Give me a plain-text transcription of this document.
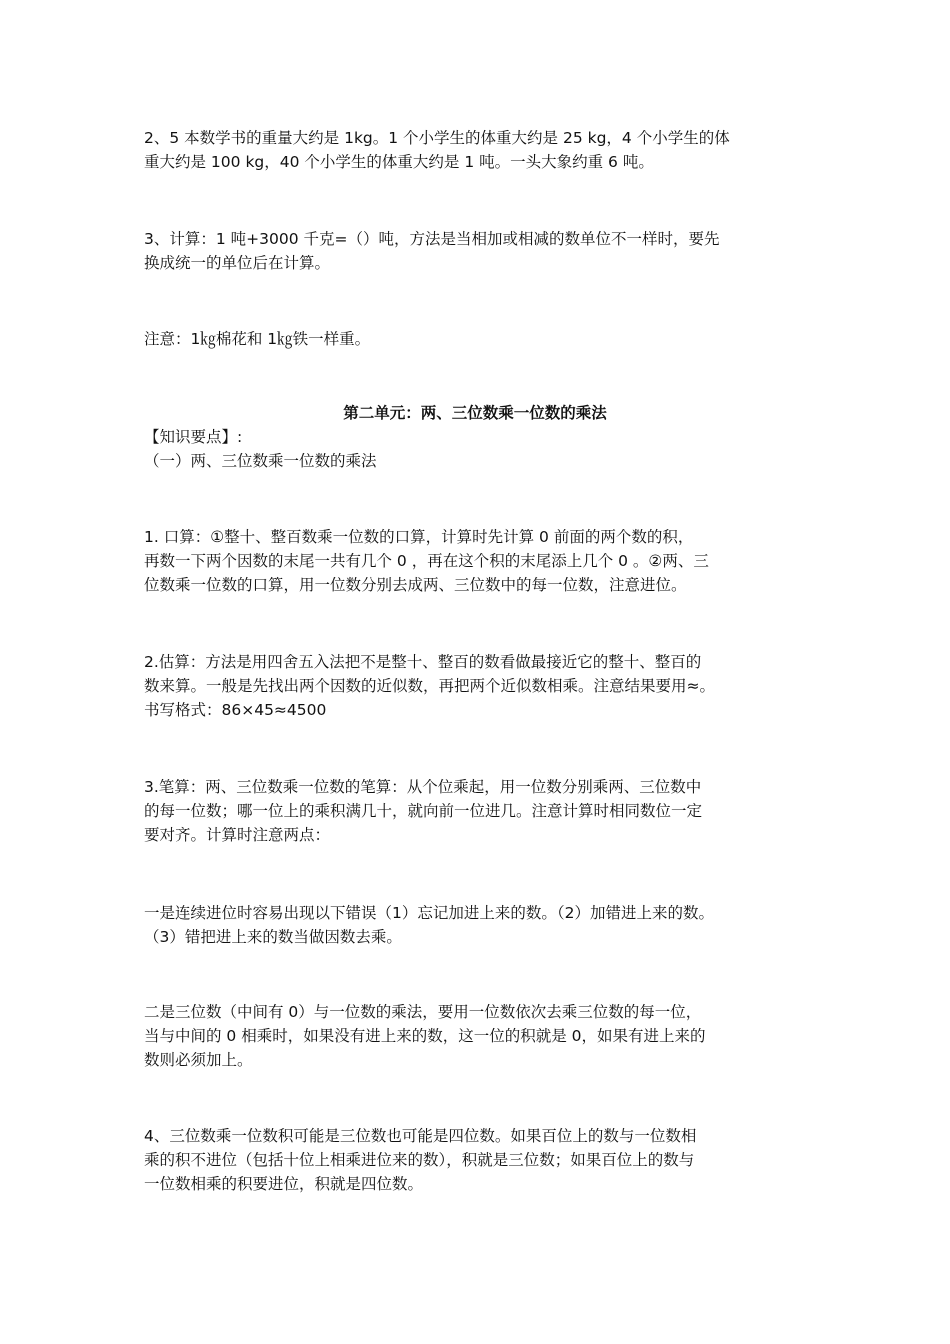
2、5 本数学书的重量大约是 1kg。1 个小学生的体重大约是 25 kg，4 个小学生的体
重大约是 100 kg，40 个小学生的体重大约是 1 吨。一头大象约重 6 吨。
3、计算：1 吨+3000 千克=（）吨，方法是当相加或相减的数单位不一样时，要先
换成统一的单位后在计算。
注意：1㎏棉花和 1㎏铁一样重。
第二单元：两、三位数乘一位数的乘法
【知识要点】:
（一）两、三位数乘一位数的乘法
1. 口算：①整十、整百数乘一位数的口算，计算时先计算 0 前面的两个数的积，
再数一下两个因数的末尾一共有几个 0 ，再在这个积的末尾添上几个 0 。②两、三
位数乘一位数的口算，用一位数分别去成两、三位数中的每一位数，注意进位。
2.估算：方法是用四舍五入法把不是整十、整百的数看做最接近它的整十、整百的
数来算。一般是先找出两个因数的近似数，再把两个近似数相乘。注意结果要用≈。
书写格式：86×45≈4500
3.笔算：两、三位数乘一位数的笔算：从个位乘起，用一位数分别乘两、三位数中
的每一位数；哪一位上的乘积满几十，就向前一位进几。注意计算时相同数位一定
要对齐。计算时注意两点：
一是连续进位时容易出现以下错误（1）忘记加进上来的数。（2）加错进上来的数。
（3）错把进上来的数当做因数去乘。
二是三位数（中间有 0）与一位数的乘法，要用一位数依次去乘三位数的每一位，
当与中间的 0 相乘时，如果没有进上来的数，这一位的积就是 0，如果有进上来的
数则必须加上。
4、三位数乘一位数积可能是三位数也可能是四位数。如果百位上的数与一位数相
乘的积不进位（包括十位上相乘进位来的数），积就是三位数；如果百位上的数与
一位数相乘的积要进位，积就是四位数。
